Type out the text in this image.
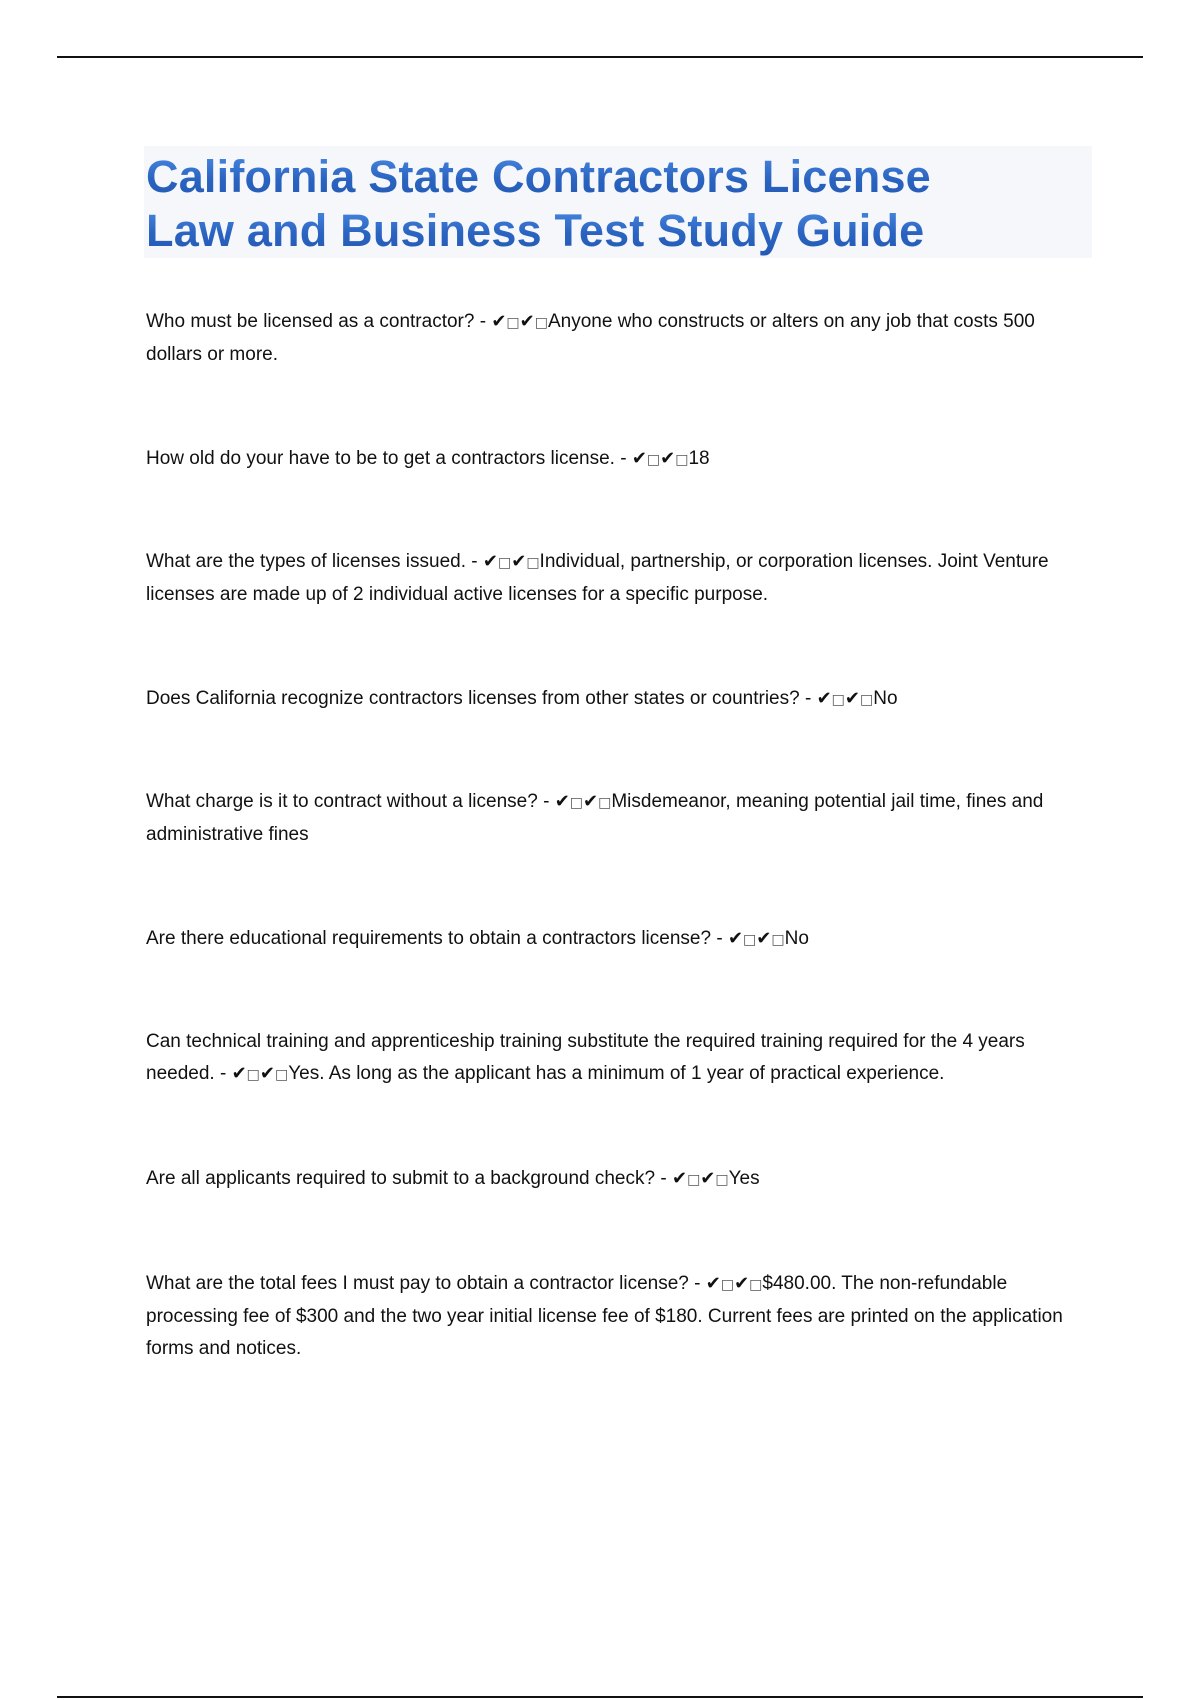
California State Contractors License
Law and Business Test Study Guide

Who must be licensed as a contractor? - ✔□✔□Anyone who constructs or alters on any job that costs 500 dollars or more.

How old do your have to be to get a contractors license. - ✔□✔□18

What are the types of licenses issued. - ✔□✔□Individual, partnership, or corporation licenses. Joint Venture licenses are made up of 2 individual active licenses for a specific purpose.

Does California recognize contractors licenses from other states or countries? - ✔□✔□No

What charge is it to contract without a license? - ✔□✔□Misdemeanor, meaning potential jail time, fines and administrative fines

Are there educational requirements to obtain a contractors license? - ✔□✔□No

Can technical training and apprenticeship training substitute the required training required for the 4 years needed. - ✔□✔□Yes. As long as the applicant has a minimum of 1 year of practical experience.

Are all applicants required to submit to a background check? - ✔□✔□Yes

What are the total fees I must pay to obtain a contractor license? - ✔□✔□$480.00. The non-refundable processing fee of $300 and the two year initial license fee of $180. Current fees are printed on the application forms and notices.
